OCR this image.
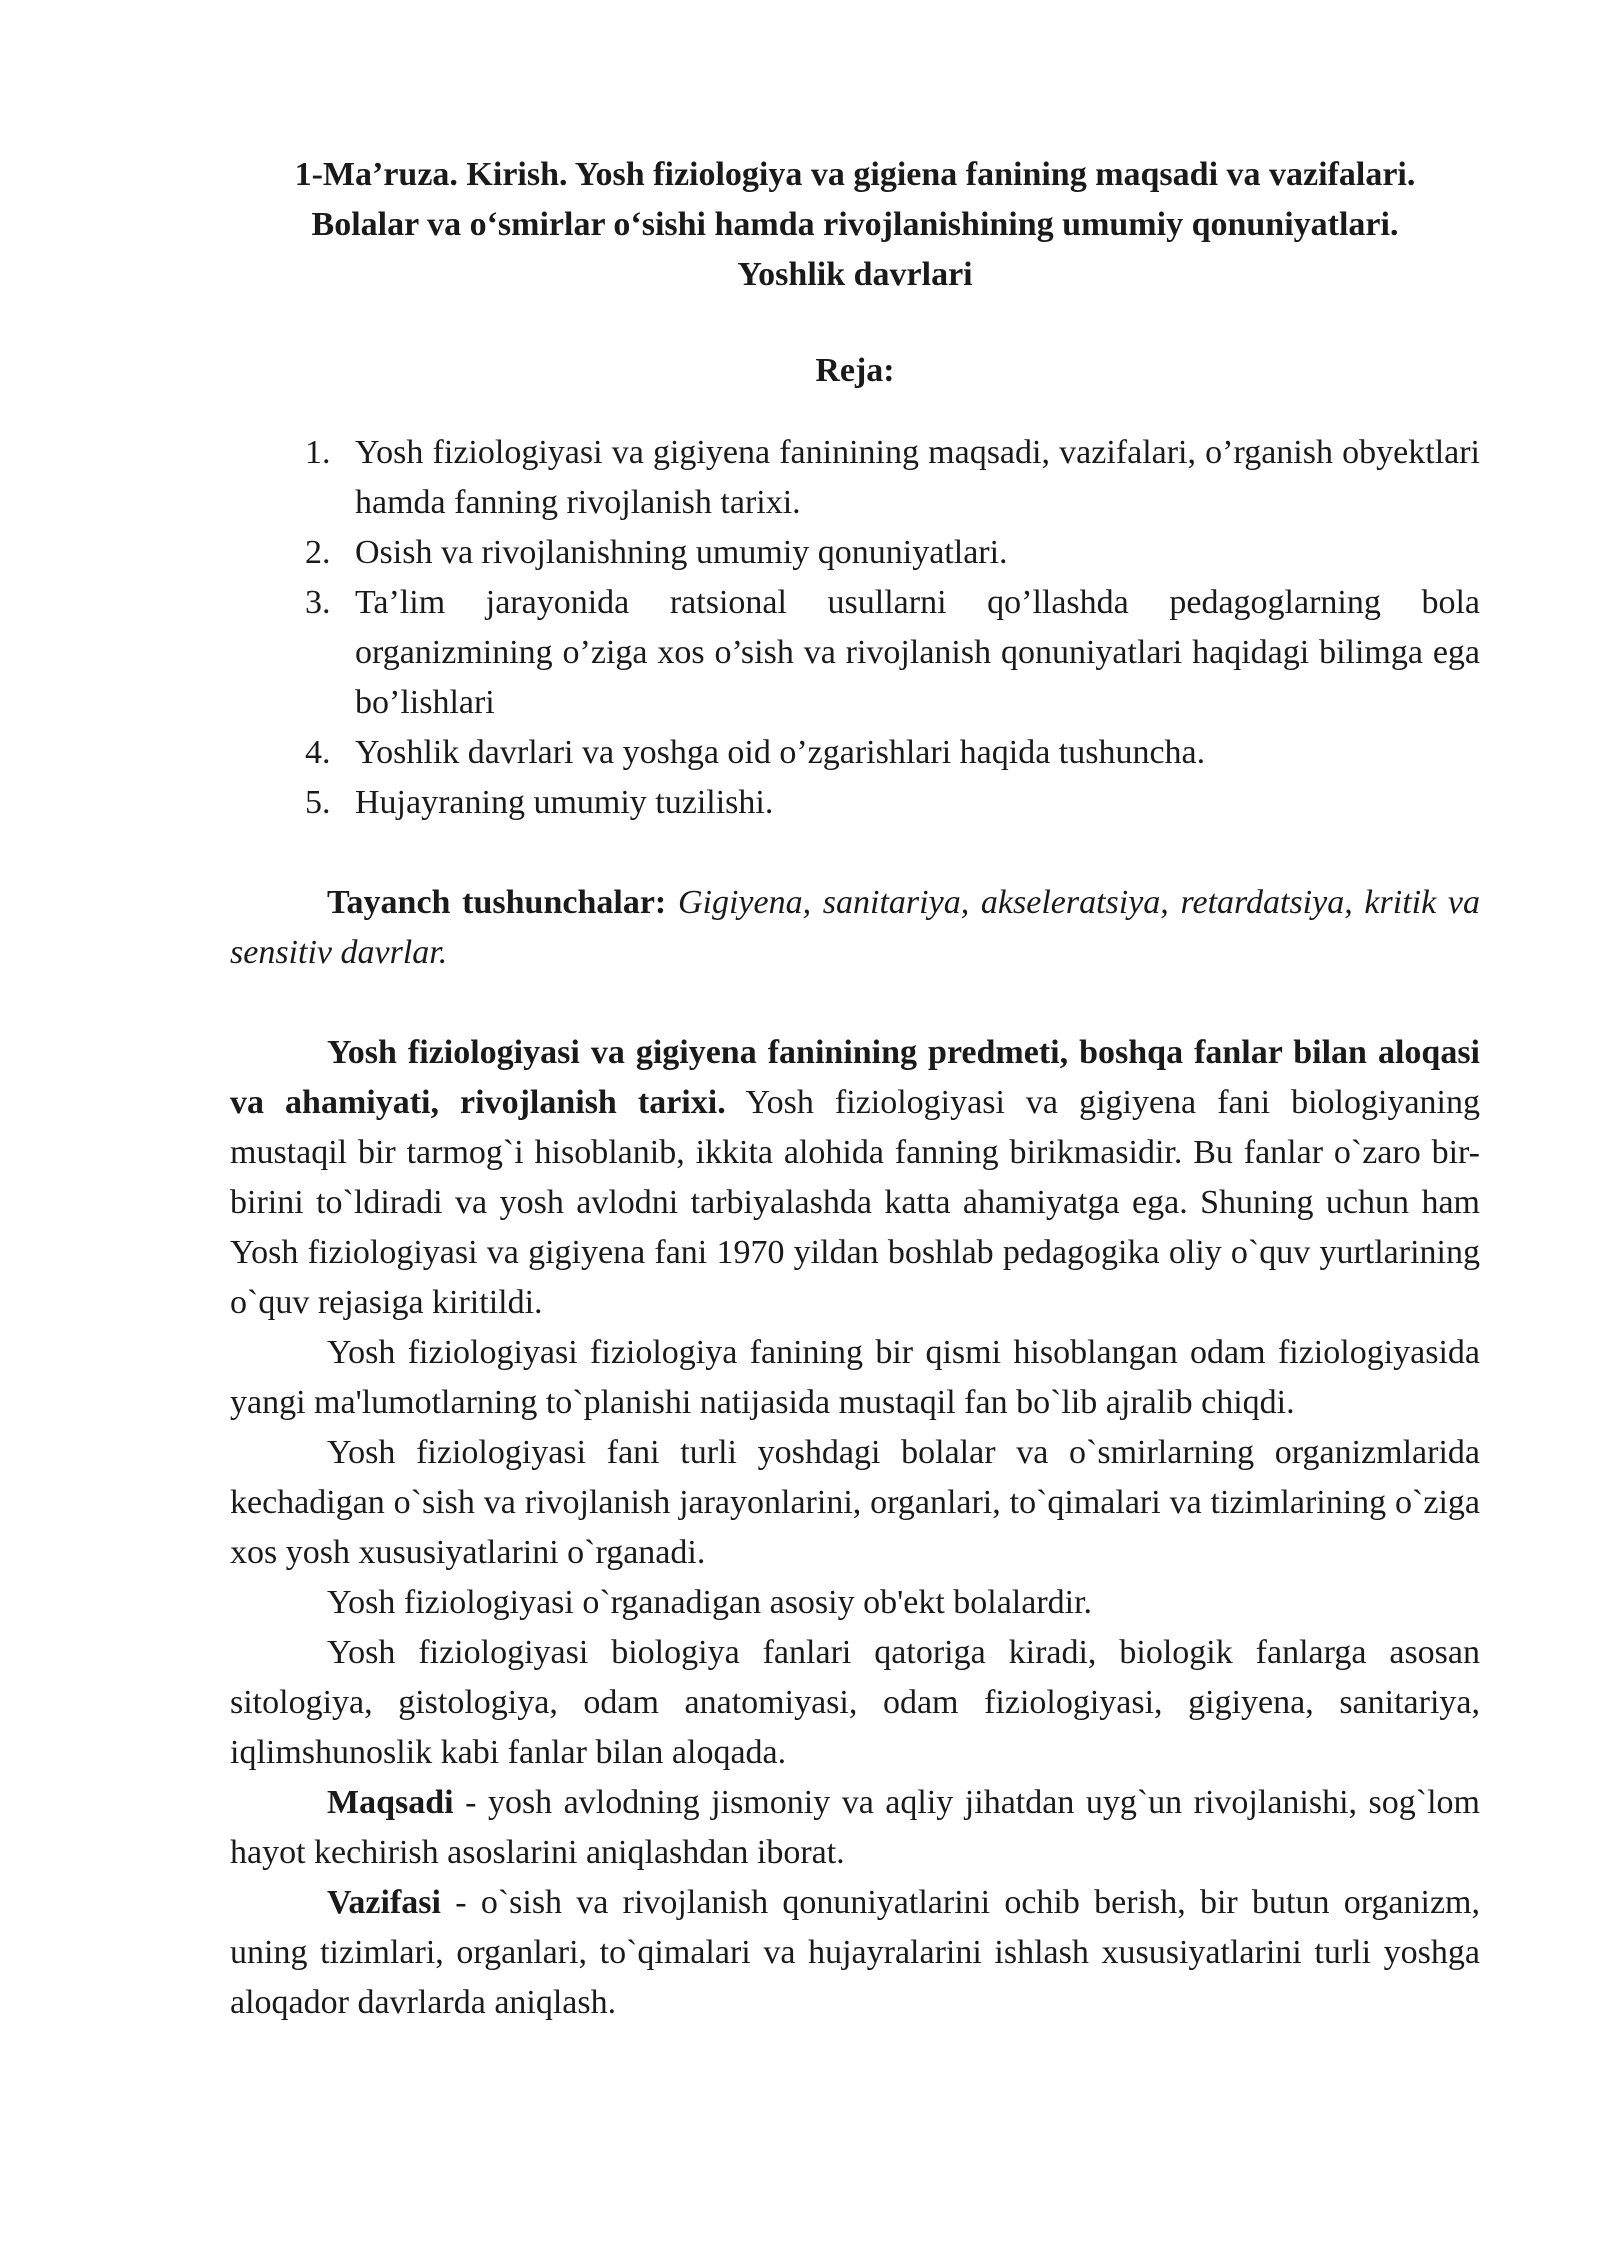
1-Ma’ruza. Kirish. Yosh fiziologiya va gigiena fanining maqsadi va vazifalari. Bolalar va o‘smirlar o‘sishi hamda rivojlanishining umumiy qonuniyatlari. Yoshlik davrlari
Reja:
1. Yosh fiziologiyasi va gigiyena faninining maqsadi, vazifalari, o’rganish obyektlari hamda fanning rivojlanish tarixi.
2. Osish va rivojlanishning umumiy qonuniyatlari.
3. Ta’lim jarayonida ratsional usullarni qo’llashda pedagoglarning bola organizmining o’ziga xos o’sish va rivojlanish qonuniyatlari haqidagi bilimga ega bo’lishlari
4. Yoshlik davrlari va yoshga oid o’zgarishlari haqida tushuncha.
5. Hujayraning umumiy tuzilishi.

Tayanch tushunchalar: Gigiyena, sanitariya, akseleratsiya, retardatsiya, kritik va sensitiv davrlar.

Yosh fiziologiyasi va gigiyena faninining predmeti, boshqa fanlar bilan aloqasi va ahamiyati, rivojlanish tarixi. Yosh fiziologiyasi va gigiyena fani biologiyaning mustaqil bir tarmog`i hisoblanib, ikkita alohida fanning birikmasidir. Bu fanlar o`zaro bir-birini to`ldiradi va yosh avlodni tarbiyalashda katta ahamiyatga ega. Shuning uchun ham Yosh fiziologiyasi va gigiyena fani 1970 yildan boshlab pedagogika oliy o`quv yurtlarining o`quv rejasiga kiritildi.

Yosh fiziologiyasi fiziologiya fanining bir qismi hisoblangan odam fiziologiyasida yangi ma'lumotlarning to`planishi natijasida mustaqil fan bo`lib ajralib chiqdi.

Yosh fiziologiyasi fani turli yoshdagi bolalar va o`smirlarning organizmlarida kechadigan o`sish va rivojlanish jarayonlarini, organlari, to`qimalari va tizimlarining o`ziga xos yosh xususiyatlarini o`rganadi.

Yosh fiziologiyasi o`rganadigan asosiy ob'ekt bolalardir.

Yosh fiziologiyasi biologiya fanlari qatoriga kiradi, biologik fanlarga asosan sitologiya, gistologiya, odam anatomiyasi, odam fiziologiyasi, gigiyena, sanitariya, iqlimshunoslik kabi fanlar bilan aloqada.

Maqsadi - yosh avlodning jismoniy va aqliy jihatdan uyg`un rivojlanishi, sog`lom hayot kechirish asoslarini aniqlashdan iborat.

Vazifasi - o`sish va rivojlanish qonuniyatlarini ochib berish, bir butun organizm, uning tizimlari, organlari, to`qimalari va hujayralarini ishlash xususiyatlarini turli yoshga aloqador davrlarda aniqlash.
